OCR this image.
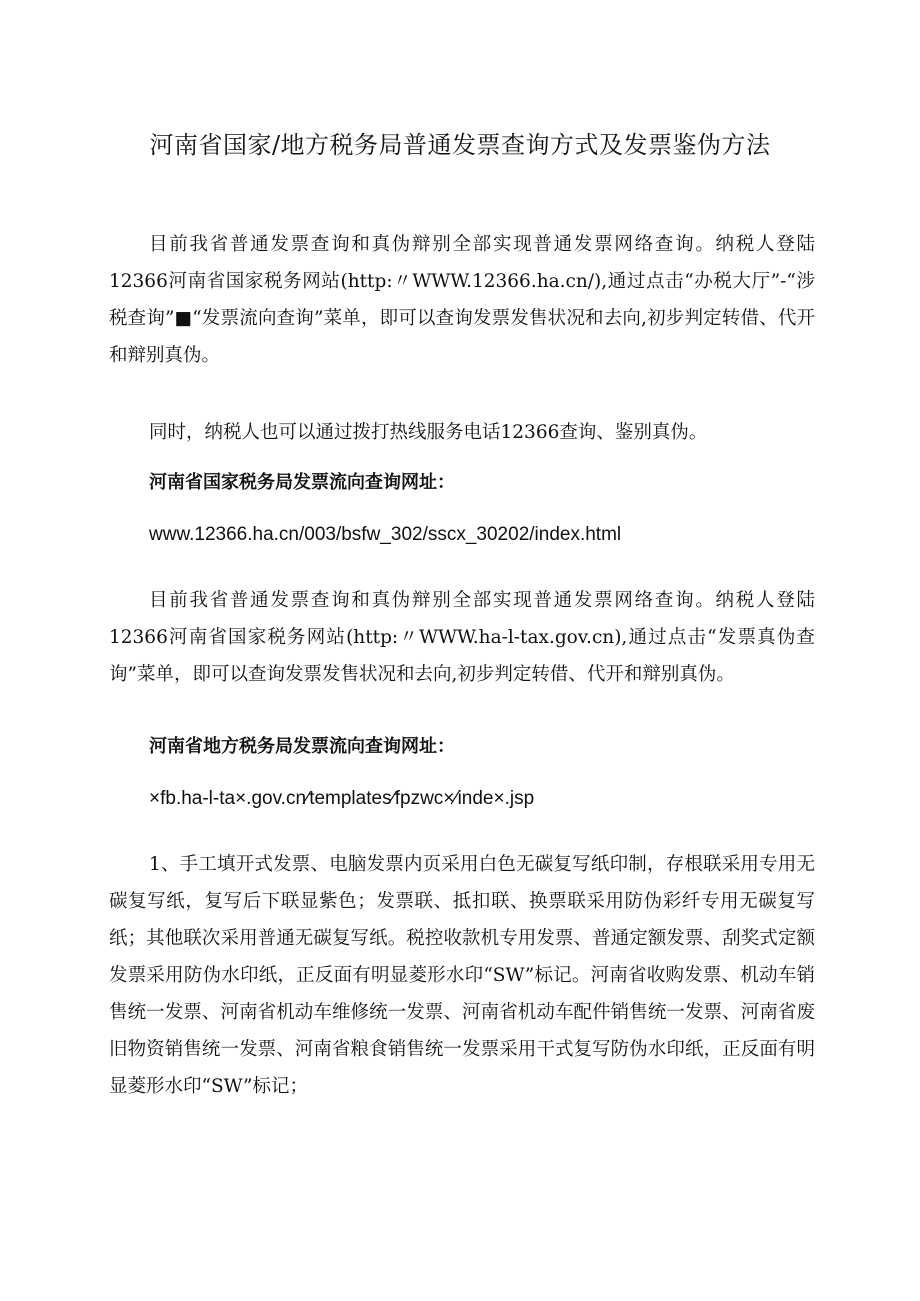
河南省国家/地方税务局普通发票查询方式及发票鉴伪方法

目前我省普通发票查询和真伪辩别全部实现普通发票网络查询。纳税人登陆12366河南省国家税务网站(http:〃WWW.12366.ha.cn/),通过点击“办税大厅”-“涉税查询”■“发票流向查询”菜单，即可以查询发票发售状况和去向,初步判定转借、代开和辩别真伪。

同时，纳税人也可以通过拨打热线服务电话12366查询、鉴别真伪。

河南省国家税务局发票流向查询网址：

www.12366.ha.cn/003/bsfw_302/sscx_30202/index.html

目前我省普通发票查询和真伪辩别全部实现普通发票网络查询。纳税人登陆12366河南省国家税务网站(http:〃WWW.ha-l-tax.gov.cn),通过点击“发票真伪查询”菜单，即可以查询发票发售状况和去向,初步判定转借、代开和辩别真伪。

河南省地方税务局发票流向查询网址：

×fb.ha-l-ta×.gov.cn∕templates∕fpzwc×∕inde×.jsp

1、手工填开式发票、电脑发票内页采用白色无碳复写纸印制，存根联采用专用无碳复写纸，复写后下联显紫色；发票联、抵扣联、换票联采用防伪彩纤专用无碳复写纸；其他联次采用普通无碳复写纸。税控收款机专用发票、普通定额发票、刮奖式定额发票采用防伪水印纸，正反面有明显菱形水印“SW”标记。河南省收购发票、机动车销售统一发票、河南省机动车维修统一发票、河南省机动车配件销售统一发票、河南省废旧物资销售统一发票、河南省粮食销售统一发票采用干式复写防伪水印纸，正反面有明显菱形水印“SW”标记；
